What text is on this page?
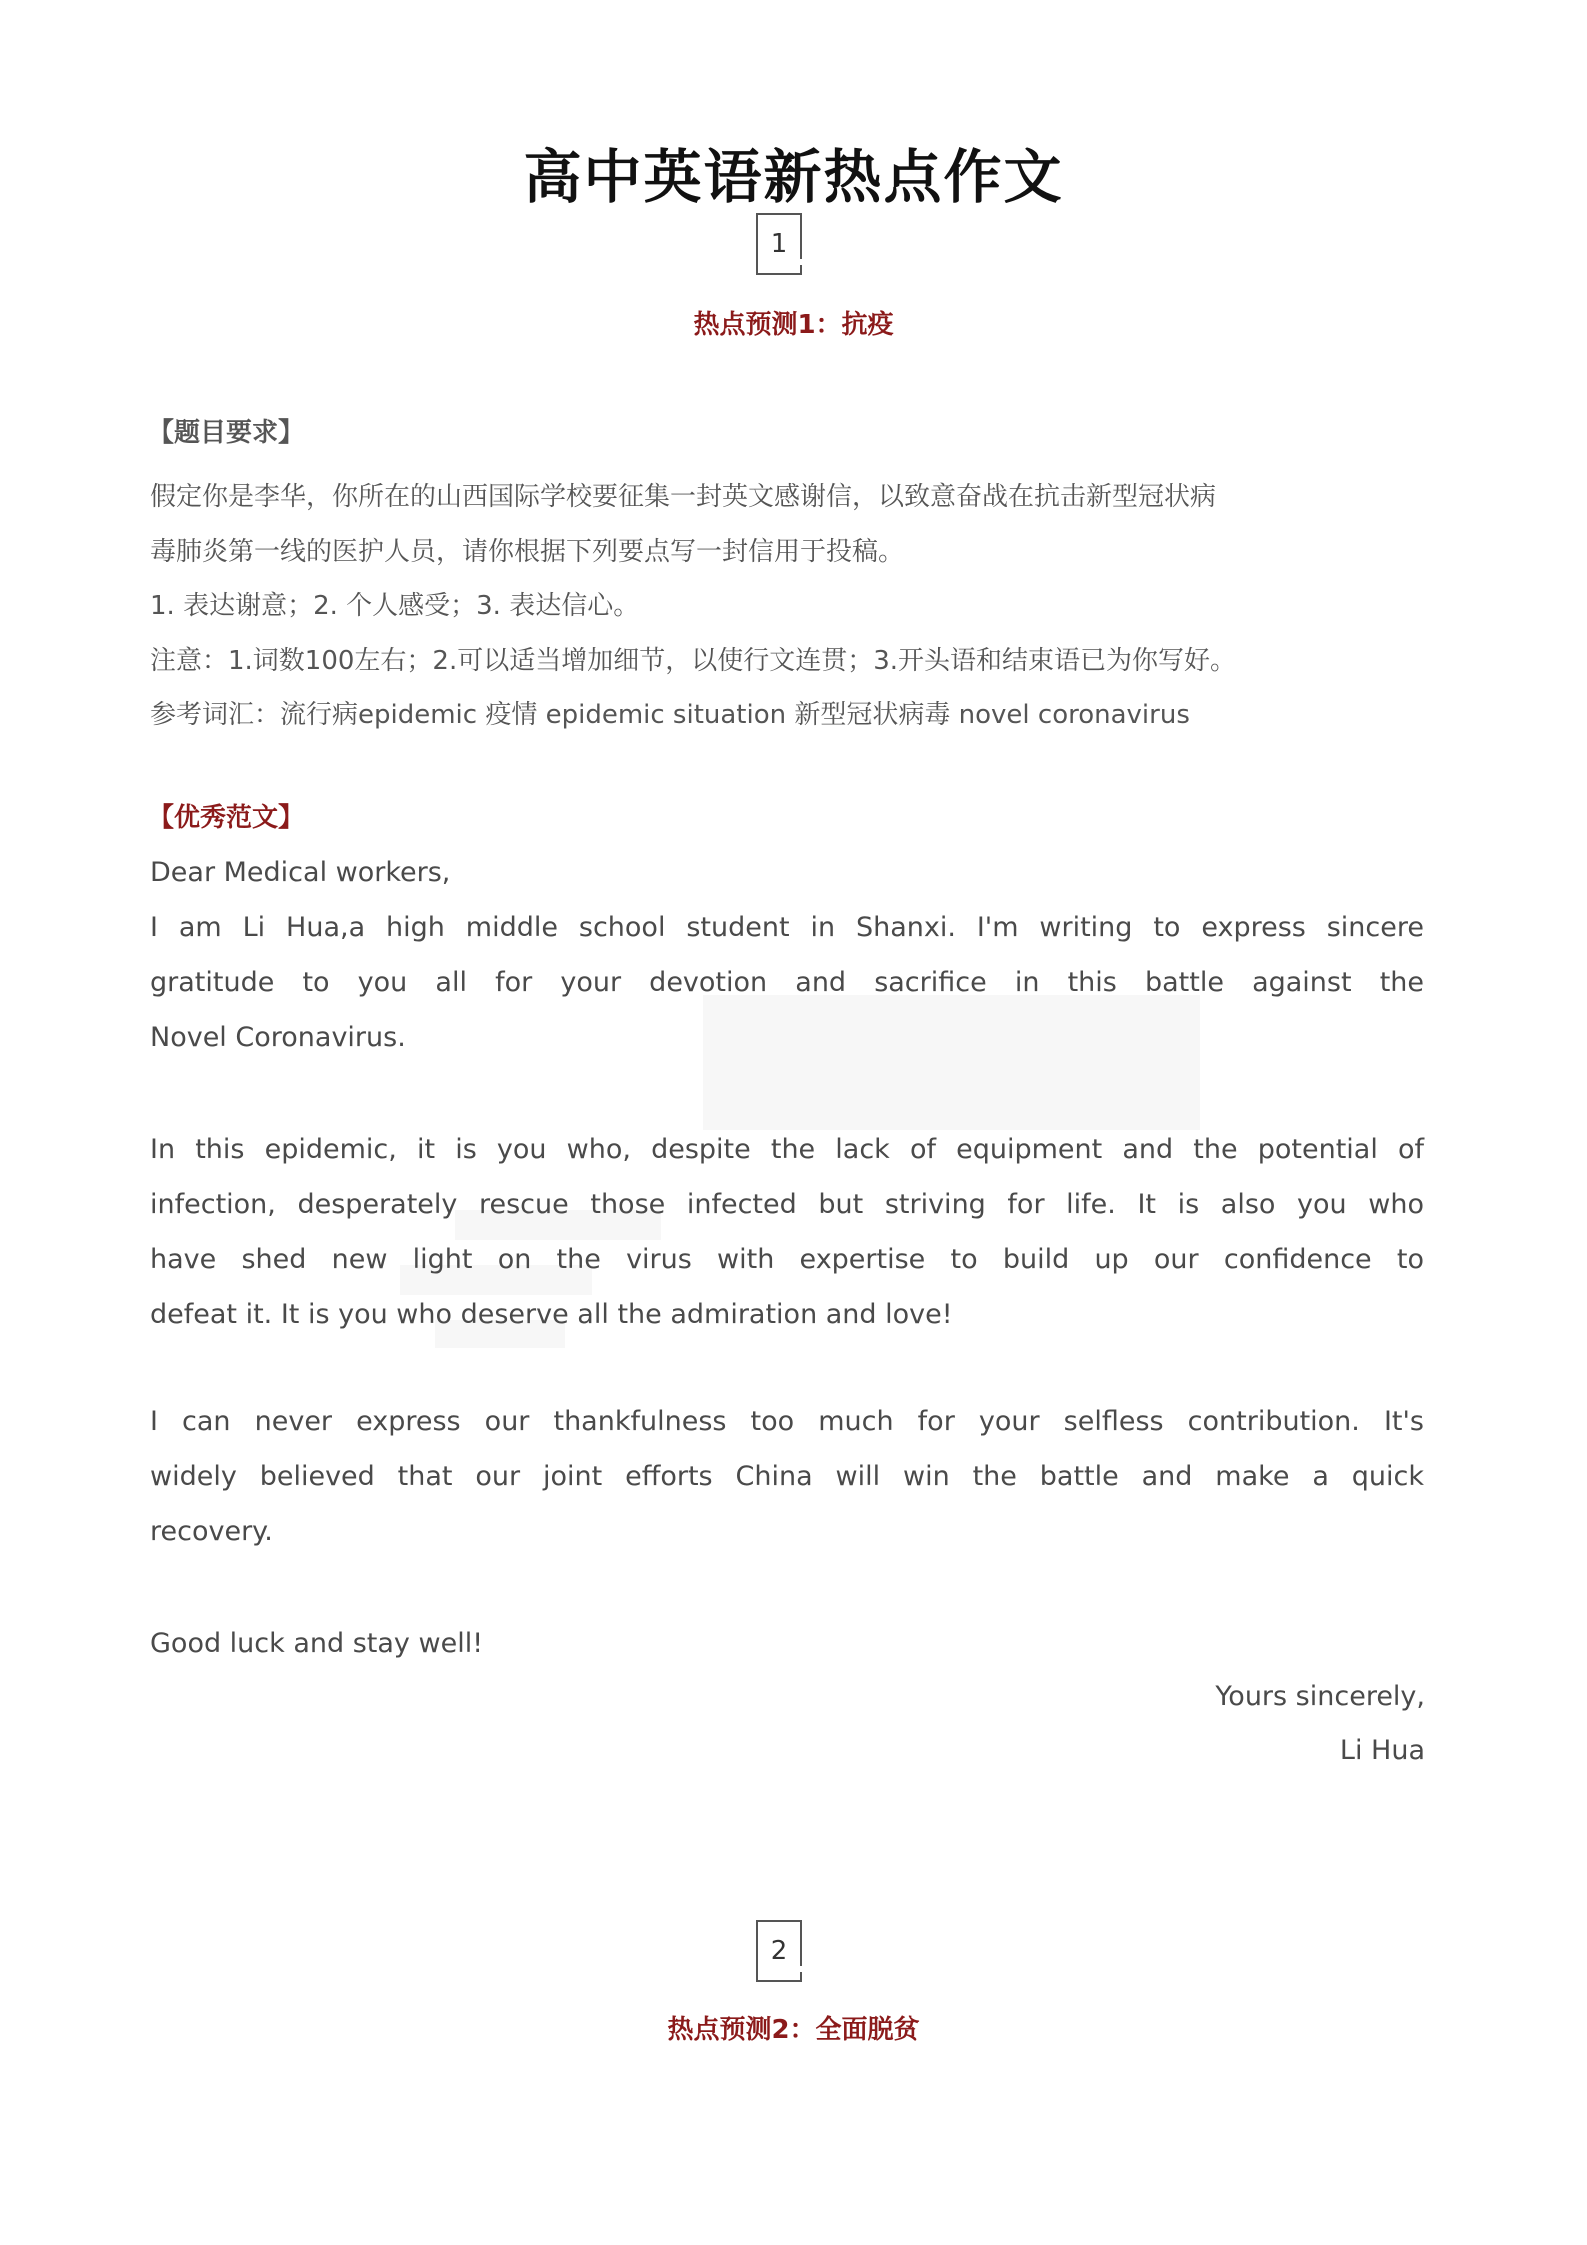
高中英语新热点作文
1
热点预测1：抗疫
【题目要求】
假定你是李华，你所在的山西国际学校要征集一封英文感谢信，以致意奋战在抗击新型冠状病
毒肺炎第一线的医护人员，请你根据下列要点写一封信用于投稿。
1. 表达谢意；2. 个人感受；3. 表达信心。
注意：1.词数100左右；2.可以适当增加细节，以使行文连贯；3.开头语和结束语已为你写好。
参考词汇：流行病epidemic 疫情 epidemic situation 新型冠状病毒 novel coronavirus
【优秀范文】
Dear Medical workers,
I am Li Hua,a high middle school student in Shanxi. I'm writing to express sincere
gratitude to you all for your devotion and sacrifice in this battle against the
Novel Coronavirus.
In this epidemic, it is you who, despite the lack of equipment and the potential of
infection, desperately rescue those infected but striving for life. It is also you who
have shed new light on the virus with expertise to build up our confidence to
defeat it. It is you who deserve all the admiration and love!
I can never express our thankfulness too much for your selfless contribution. It's
widely believed that our joint efforts China will win the battle and make a quick
recovery.
Good luck and stay well!
Yours sincerely,
Li Hua
2
热点预测2：全面脱贫
